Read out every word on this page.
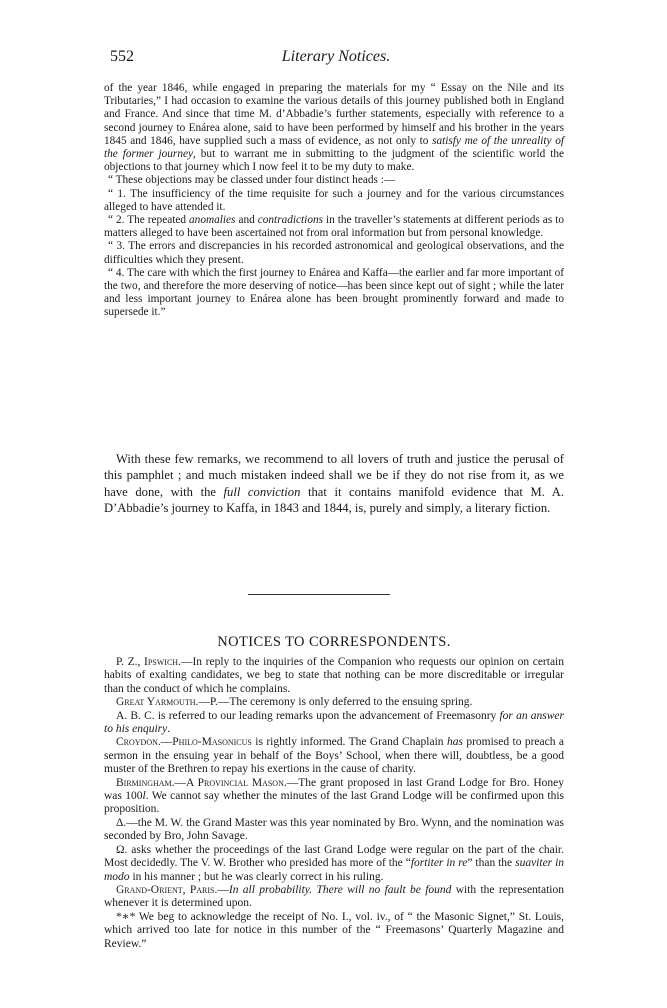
552	Literary Notices.

of the year 1846, while engaged in preparing the materials for my “ Essay on the Nile and its Tributaries,” I had occasion to examine the various details of this journey published both in England and France. And since that time M. d’Abbadie’s further statements, especially with reference to a second journey to Enárea alone, said to have been performed by himself and his brother in the years 1845 and 1846, have supplied such a mass of evidence, as not only to satisfy me of the unreality of the former journey, but to warrant me in submitting to the judgment of the scientific world the objections to that journey which I now feel it to be my duty to make.

“ These objections may be classed under four distinct heads :—

“ 1. The insufficiency of the time requisite for such a journey and for the various circumstances alleged to have attended it.

“ 2. The repeated anomalies and contradictions in the traveller’s statements at different periods as to matters alleged to have been ascertained not from oral information but from personal knowledge.

“ 3. The errors and discrepancies in his recorded astronomical and geological observations, and the difficulties which they present.

“ 4. The care with which the first journey to Enárea and Kaffa—the earlier and far more important of the two, and therefore the more deserving of notice—has been since kept out of sight ; while the later and less important journey to Enárea alone has been brought prominently forward and made to supersede it.”

With these few remarks, we recommend to all lovers of truth and justice the perusal of this pamphlet ; and much mistaken indeed shall we be if they do not rise from it, as we have done, with the full conviction that it contains manifold evidence that M. A. D’Abbadie’s journey to Kaffa, in 1843 and 1844, is, purely and simply, a literary fiction.

NOTICES TO CORRESPONDENTS.

P. Z., Ipswich.—In reply to the inquiries of the Companion who requests our opinion on certain habits of exalting candidates, we beg to state that nothing can be more discreditable or irregular than the conduct of which he complains.

Great Yarmouth.—P.—The ceremony is only deferred to the ensuing spring.

A. B. C. is referred to our leading remarks upon the advancement of Freemasonry for an answer to his enquiry.

Croydon.—Philo-Masonicus is rightly informed. The Grand Chaplain has promised to preach a sermon in the ensuing year in behalf of the Boys’ School, when there will, doubtless, be a good muster of the Brethren to repay his exertions in the cause of charity.

Birmingham.—A Provincial Mason.—The grant proposed in last Grand Lodge for Bro. Honey was 100l. We cannot say whether the minutes of the last Grand Lodge will be confirmed upon this proposition.

Δ.—the M. W. the Grand Master was this year nominated by Bro. Wynn, and the nomination was seconded by Bro, John Savage.

Ω. asks whether the proceedings of the last Grand Lodge were regular on the part of the chair. Most decidedly. The V. W. Brother who presided has more of the “fortiter in re” than the suaviter in modo in his manner ; but he was clearly correct in his ruling.

Grand-Orient, Paris.—In all probability. There will no fault be found with the representation whenever it is determined upon.

*∗* We beg to acknowledge the receipt of No. I., vol. iv., of “ the Masonic Signet,” St. Louis, which arrived too late for notice in this number of the “ Freemasons’ Quarterly Magazine and Review.”
